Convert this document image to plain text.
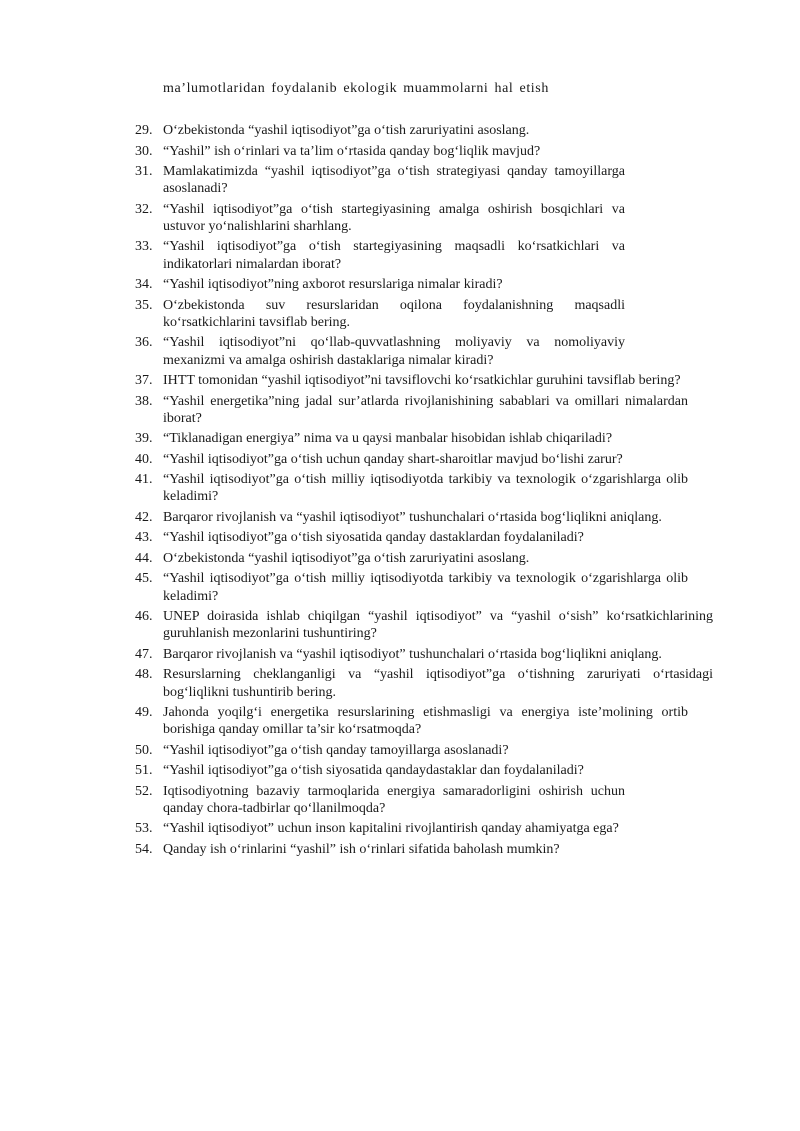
ma’lumotlaridan foydalanib ekologik muammolarni hal etish
29. O‘zbekistonda “yashil iqtisodiyot”ga o‘tish zaruriyatini asoslang.
30. “Yashil” ish o‘rinlari va ta’lim o‘rtasida qanday bog‘liqlik mavjud?
31. Mamlakatimizda “yashil iqtisodiyot”ga o‘tish strategiyasi qanday tamoyillarga asoslanadi?
32. “Yashil iqtisodiyot”ga o‘tish startegiyasining amalga oshirish bosqichlari va ustuvor yo‘nalishlarini sharhlang.
33. “Yashil iqtisodiyot”ga o‘tish startegiyasining maqsadli ko‘rsatkichlari va indikatorlari nimalardan iborat?
34. “Yashil iqtisodiyot”ning axborot resurslariga nimalar kiradi?
35. O‘zbekistonda suv resurslaridan oqilona foydalanishning maqsadli ko‘rsatkichlarini tavsiflab bering.
36. “Yashil iqtisodiyot”ni qo‘llab-quvvatlashning moliyaviy va nomoliyaviy mexanizmi va amalga oshirish dastaklariga nimalar kiradi?
37. IHTT tomonidan “yashil iqtisodiyot”ni tavsiflovchi ko‘rsatkichlar guruhini tavsiflab bering?
38. “Yashil energetika”ning jadal sur’atlarda rivojlanishining sabablari va omillari nimalardan iborat?
39. “Tiklanadigan energiya” nima va u qaysi manbalar hisobidan ishlab chiqariladi?
40. “Yashil iqtisodiyot”ga o‘tish uchun qanday shart-sharoitlar mavjud bo‘lishi zarur?
41. “Yashil iqtisodiyot”ga o‘tish milliy iqtisodiyotda tarkibiy va texnologik o‘zgarishlarga olib keladimi?
42. Barqaror rivojlanish va “yashil iqtisodiyot” tushunchalari o‘rtasida bog‘liqlikni aniqlang.
43. “Yashil iqtisodiyot”ga o‘tish siyosatida qanday dastaklardan foydalaniladi?
44. O‘zbekistonda “yashil iqtisodiyot”ga o‘tish zaruriyatini asoslang.
45. “Yashil iqtisodiyot”ga o‘tish milliy iqtisodiyotda tarkibiy va texnologik o‘zgarishlarga olib keladimi?
46. UNEP doirasida ishlab chiqilgan “yashil iqtisodiyot” va “yashil o‘sish” ko‘rsatkichlarining guruhlanish mezonlarini tushuntiring?
47. Barqaror rivojlanish va “yashil iqtisodiyot” tushunchalari o‘rtasida bog‘liqlikni aniqlang.
48. Resurslarning cheklanganligi va “yashil iqtisodiyot”ga o‘tishning zaruriyati o‘rtasidagi bog‘liqlikni tushuntirib bering.
49. Jahonda yoqilg‘i energetika resurslarining etishmasligi va energiya iste’molining ortib borishiga qanday omillar ta’sir ko‘rsatmoqda?
50. “Yashil iqtisodiyot”ga o‘tish qanday tamoyillarga asoslanadi?
51. “Yashil iqtisodiyot”ga o‘tish siyosatida qandaydastaklar dan foydalaniladi?
52. Iqtisodiyotning bazaviy tarmoqlarida energiya samaradorligini oshirish uchun qanday chora-tadbirlar qo‘llanilmoqda?
53. “Yashil iqtisodiyot” uchun inson kapitalini rivojlantirish qanday ahamiyatga ega?
54. Qanday ish o‘rinlarini “yashil” ish o‘rinlari sifatida baholash mumkin?
